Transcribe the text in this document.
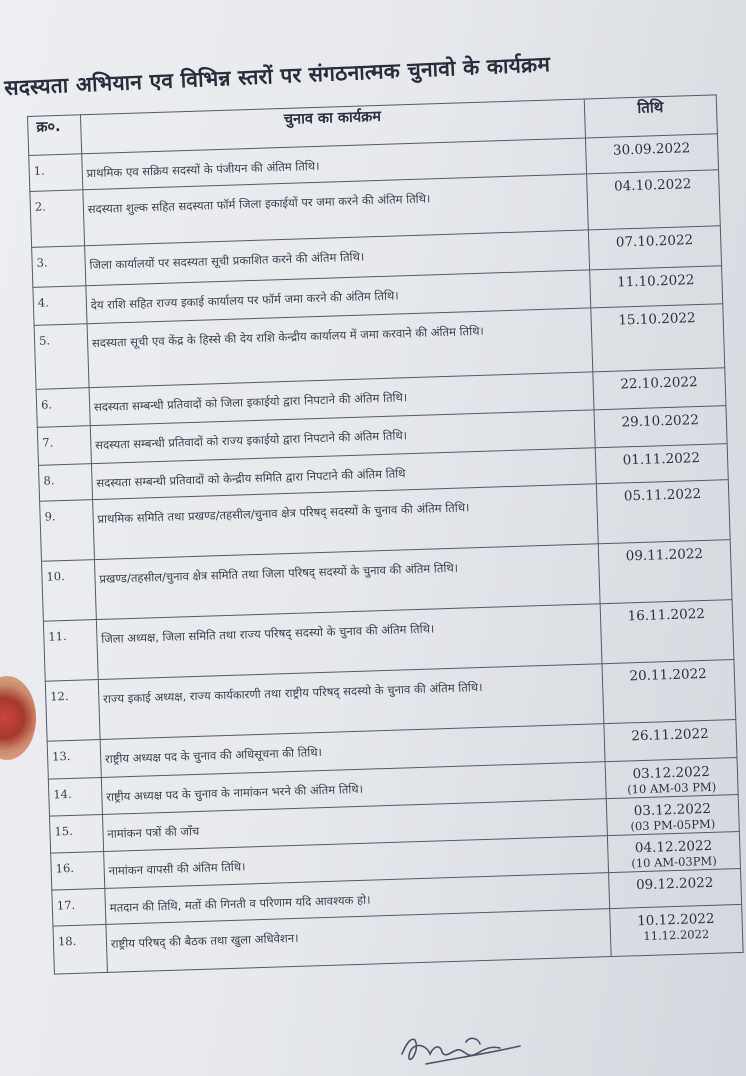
सदस्यता अभियान एव विभिन्न स्तरों पर संगठनात्मक चुनावो के कार्यक्रम
क्र०.	चुनाव का कार्यक्रम	तिथि
1.	प्राथमिक एव सक्रिय सदस्यों के पंजीयन की अंतिम तिथि।	30.09.2022
2.	सदस्यता शुल्क सहित सदस्यता फॉर्म जिला इकाईयों पर जमा करने की अंतिम तिथि।	04.10.2022
3.	जिला कार्यालयों पर सदस्यता सूची प्रकाशित करने की अंतिम तिथि।	07.10.2022
4.	देय राशि सहित राज्य इकाई कार्यालय पर फॉर्म जमा करने की अंतिम तिथि।	11.10.2022
5.	सदस्यता सूची एव केंद्र के हिस्से की देय राशि केन्द्रीय कार्यालय में जमा करवाने की अंतिम तिथि।	15.10.2022
6.	सदस्यता सम्बन्धी प्रतिवादों को जिला इकाईयो द्वारा निपटाने की अंतिम तिथि।	22.10.2022
7.	सदस्यता सम्बन्धी प्रतिवादों को राज्य इकाईयो द्वारा निपटाने की अंतिम तिथि।	29.10.2022
8.	सदस्यता सम्बन्धी प्रतिवादों को केन्द्रीय समिति द्वारा निपटाने की अंतिम तिथि	01.11.2022
9.	प्राथमिक समिति तथा प्रखण्ड/तहसील/चुनाव क्षेत्र परिषद् सदस्यों के चुनाव की अंतिम तिथि।	05.11.2022
10.	प्रखण्ड/तहसील/चुनाव क्षेत्र समिति तथा जिला परिषद् सदस्यों के चुनाव की अंतिम तिथि।	09.11.2022
11.	जिला अध्यक्ष, जिला समिति तथा राज्य परिषद् सदस्यो के चुनाव की अंतिम तिथि।	16.11.2022
12.	राज्य इकाई अध्यक्ष, राज्य कार्यकारणी तथा राष्ट्रीय परिषद् सदस्यो के चुनाव की अंतिम तिथि।	20.11.2022
13.	राष्ट्रीय अध्यक्ष पद के चुनाव की अधिसूचना की तिथि।	26.11.2022
14.	राष्ट्रीय अध्यक्ष पद के चुनाव के नामांकन भरने की अंतिम तिथि।	03.12.2022
(10 AM-03 PM)

15.	नामांकन पत्रों की जाँच	03.12.2022
(03 PM-05PM)

16.	नामांकन वापसी की अंतिम तिथि।	04.12.2022
(10 AM-03PM)

17.	मतदान की तिथि, मतों की गिनती व परिणाम यदि आवश्यक हो।	09.12.2022
18.	राष्ट्रीय परिषद् की बैठक तथा खुला अधिवेशन।	10.12.2022
11.12.2022
